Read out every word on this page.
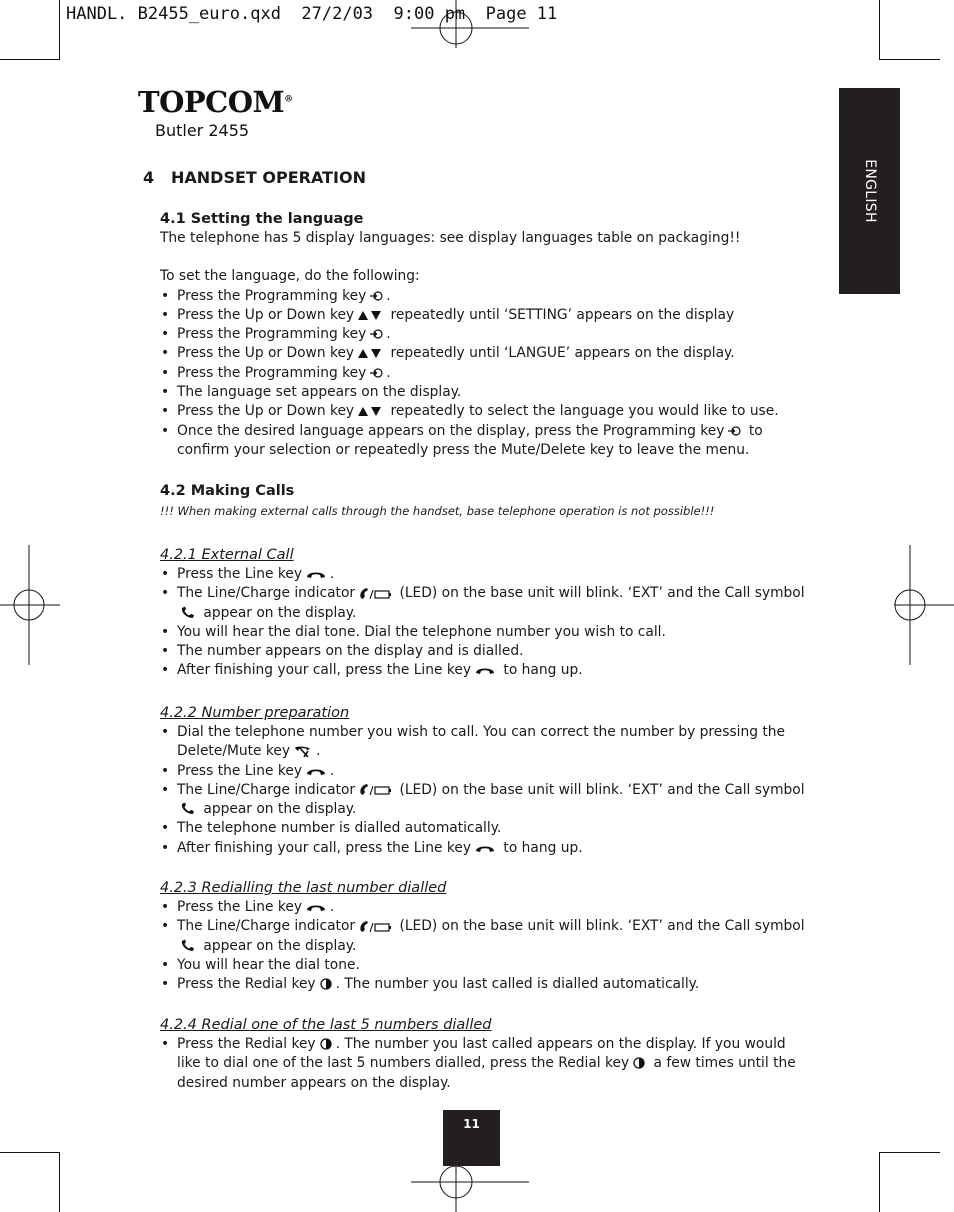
HANDL. B2455_euro.qxd  27/2/03  9:00 pm  Page 11
TOPCOM®
Butler 2455
ENGLISH
4 HANDSET OPERATION
4.1 Setting the language

The telephone has 5 display languages: see display languages table on packaging!!

To set the language, do the following:

• Press the Programming key .
• Press the Up or Down key
repeatedly until ‘SETTING’ appears on the display
• Press the Programming key .
• Press the Up or Down key
repeatedly until ‘LANGUE’ appears on the display.
• Press the Programming key .
• The language set appears on the display.
• Press the Up or Down key
repeatedly to select the language you would like to use.
• Once the desired language appears on the display, press the Programming key
to confirm your selection or repeatedly press the Mute/Delete key to leave the menu.
4.2 Making Calls

!!! When making external calls through the handset, base telephone operation is not possible!!!

4.2.1 External Call
• Press the Line key .
• The Line/Charge indicator	(LED) on the base unit will blink. ‘EXT’ and the Call symbol
appear on the display.
• You will hear the dial tone. Dial the telephone number you wish to call.
• The number appears on the display and is dialled.
• After finishing your call, press the Line key
to hang up.
4.2.2 Number preparation
• Dial the telephone number you wish to call. You can correct the number by pressing the Delete/Mute key .
• Press the Line key .
• The Line/Charge indicator	(LED) on the base unit will blink. ‘EXT’ and the Call symbol
appear on the display.
• The telephone number is dialled automatically.
• After finishing your call, press the Line key
to hang up.
4.2.3 Redialling the last number dialled
• Press the Line key .
• The Line/Charge indicator	(LED) on the base unit will blink. ‘EXT’ and the Call symbol
appear on the display.
• You will hear the dial tone.
• Press the Redial key . The number you last called is dialled automatically.
4.2.4 Redial one of the last 5 numbers dialled
• Press the Redial key . The number you last called appears on the display. If you would like to dial one of the last 5 numbers dialled, press the Redial key
a few times until the desired number appears on the display.
11
